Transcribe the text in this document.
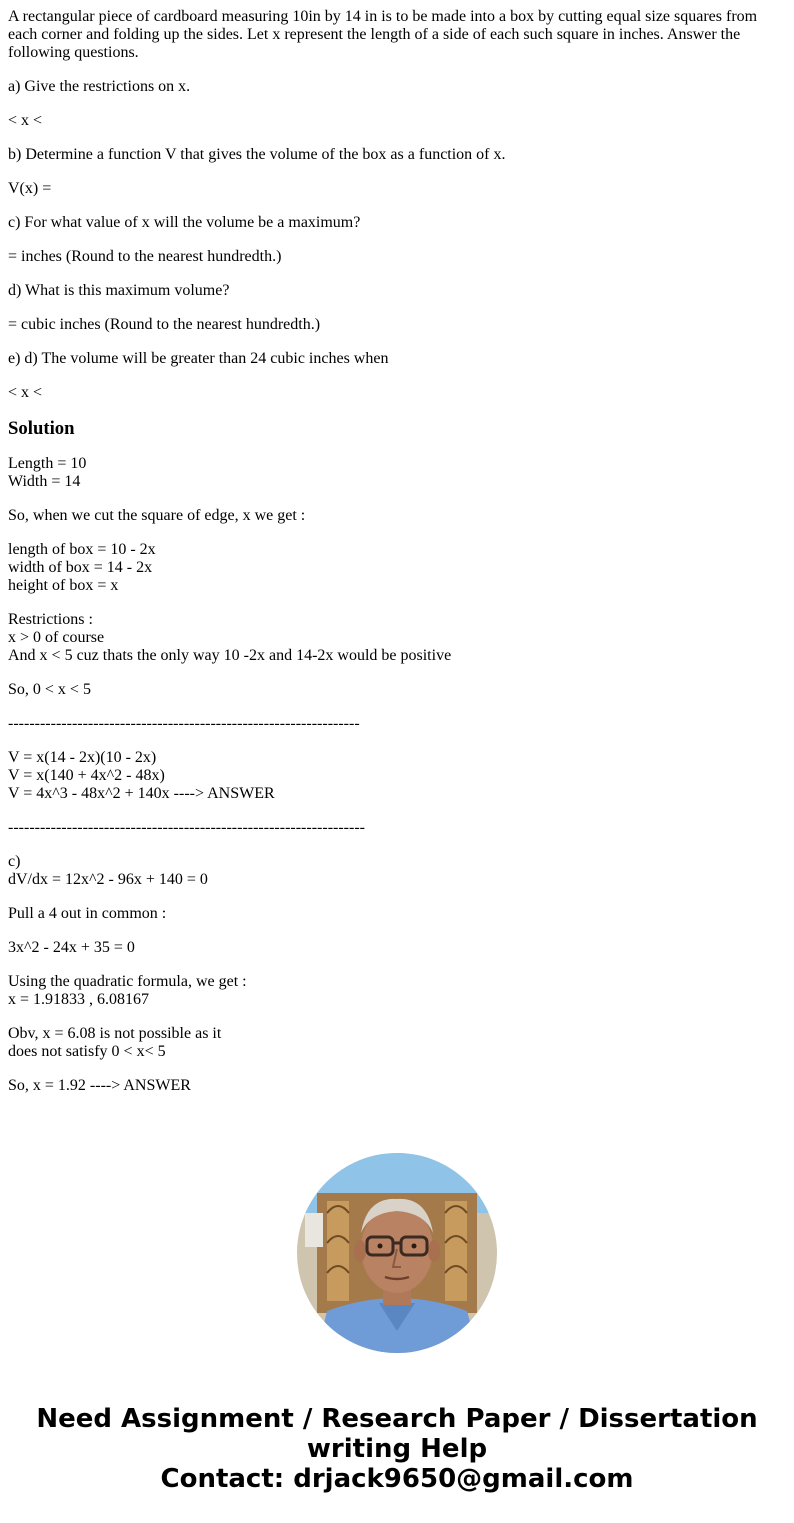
A rectangular piece of cardboard measuring 10in by 14 in is to be made into a box by cutting equal size squares from each corner and folding up the sides. Let x represent the length of a side of each such square in inches. Answer the following questions.

a) Give the restrictions on x.

< x <

b) Determine a function V that gives the volume of the box as a function of x.

V(x) =

c) For what value of x will the volume be a maximum?

= inches (Round to the nearest hundredth.)

d) What is this maximum volume?

= cubic inches (Round to the nearest hundredth.)

e) d) The volume will be greater than 24 cubic inches when

< x <

Solution

Length = 10
Width = 14

So, when we cut the square of edge, x we get :

length of box = 10 - 2x
width of box = 14 - 2x
height of box = x

Restrictions :
x > 0 of course
And x < 5 cuz thats the only way 10 -2x and 14-2x would be positive

So, 0 < x < 5

------------------------------------------------------------------

V = x(14 - 2x)(10 - 2x)
V = x(140 + 4x^2 - 48x)
V = 4x^3 - 48x^2 + 140x ----> ANSWER

-------------------------------------------------------------------

c)
dV/dx = 12x^2 - 96x + 140 = 0

Pull a 4 out in common :

3x^2 - 24x + 35 = 0

Using the quadratic formula, we get :
x = 1.91833 , 6.08167

Obv, x = 6.08 is not possible as it
does not satisfy 0 < x< 5

So, x = 1.92 ----> ANSWER

Need Assignment / Research Paper / Dissertation
writing Help
Contact: drjack9650@gmail.com
